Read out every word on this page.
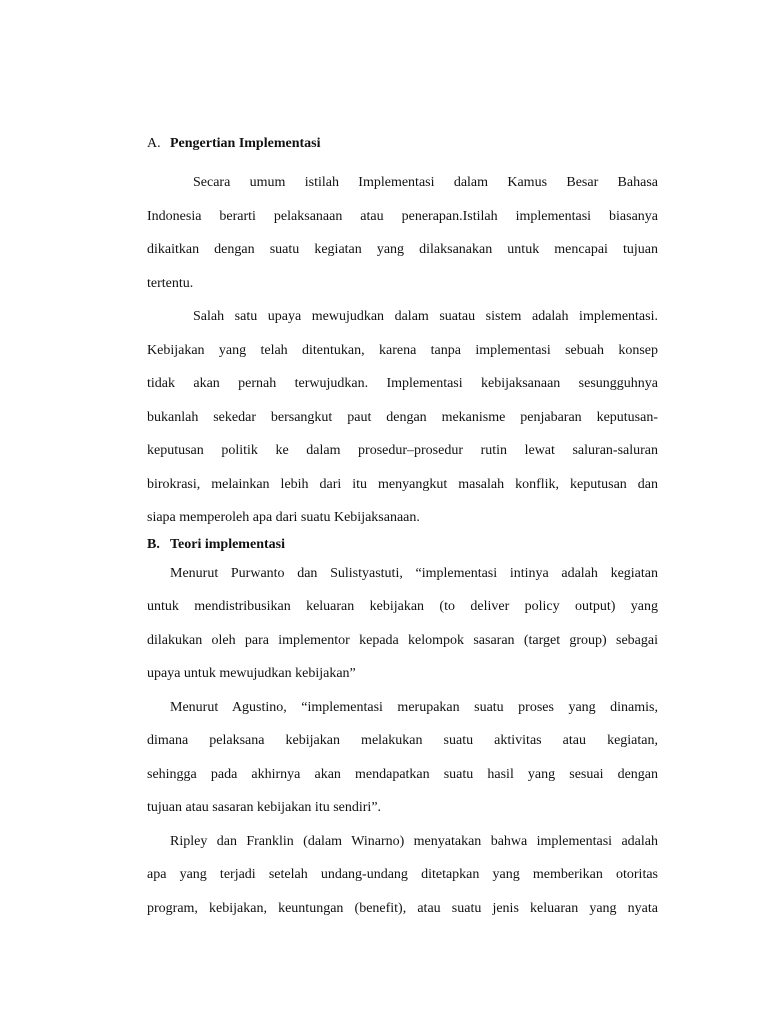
A. Pengertian Implementasi
Secara umum istilah Implementasi dalam Kamus Besar Bahasa
Indonesia berarti pelaksanaan atau penerapan.Istilah implementasi biasanya
dikaitkan dengan suatu kegiatan yang dilaksanakan untuk mencapai tujuan
tertentu.
Salah satu upaya mewujudkan dalam suatau sistem adalah implementasi.
Kebijakan yang telah ditentukan, karena tanpa implementasi sebuah konsep
tidak akan pernah terwujudkan. Implementasi kebijaksanaan sesungguhnya
bukanlah sekedar bersangkut paut dengan mekanisme penjabaran keputusan-
keputusan politik ke dalam prosedur–prosedur rutin lewat saluran-saluran
birokrasi, melainkan lebih dari itu menyangkut masalah konflik, keputusan dan
siapa memperoleh apa dari suatu Kebijaksanaan.
B. Teori implementasi
Menurut Purwanto dan Sulistyastuti, “implementasi intinya adalah kegiatan
untuk mendistribusikan keluaran kebijakan (to deliver policy output) yang
dilakukan oleh para implementor kepada kelompok sasaran (target group) sebagai
upaya untuk mewujudkan kebijakan”
Menurut Agustino, “implementasi merupakan suatu proses yang dinamis,
dimana pelaksana kebijakan melakukan suatu aktivitas atau kegiatan,
sehingga pada akhirnya akan mendapatkan suatu hasil yang sesuai dengan
tujuan atau sasaran kebijakan itu sendiri”.
Ripley dan Franklin (dalam Winarno) menyatakan bahwa implementasi adalah
apa yang terjadi setelah undang-undang ditetapkan yang memberikan otoritas
program, kebijakan, keuntungan (benefit), atau suatu jenis keluaran yang nyata
